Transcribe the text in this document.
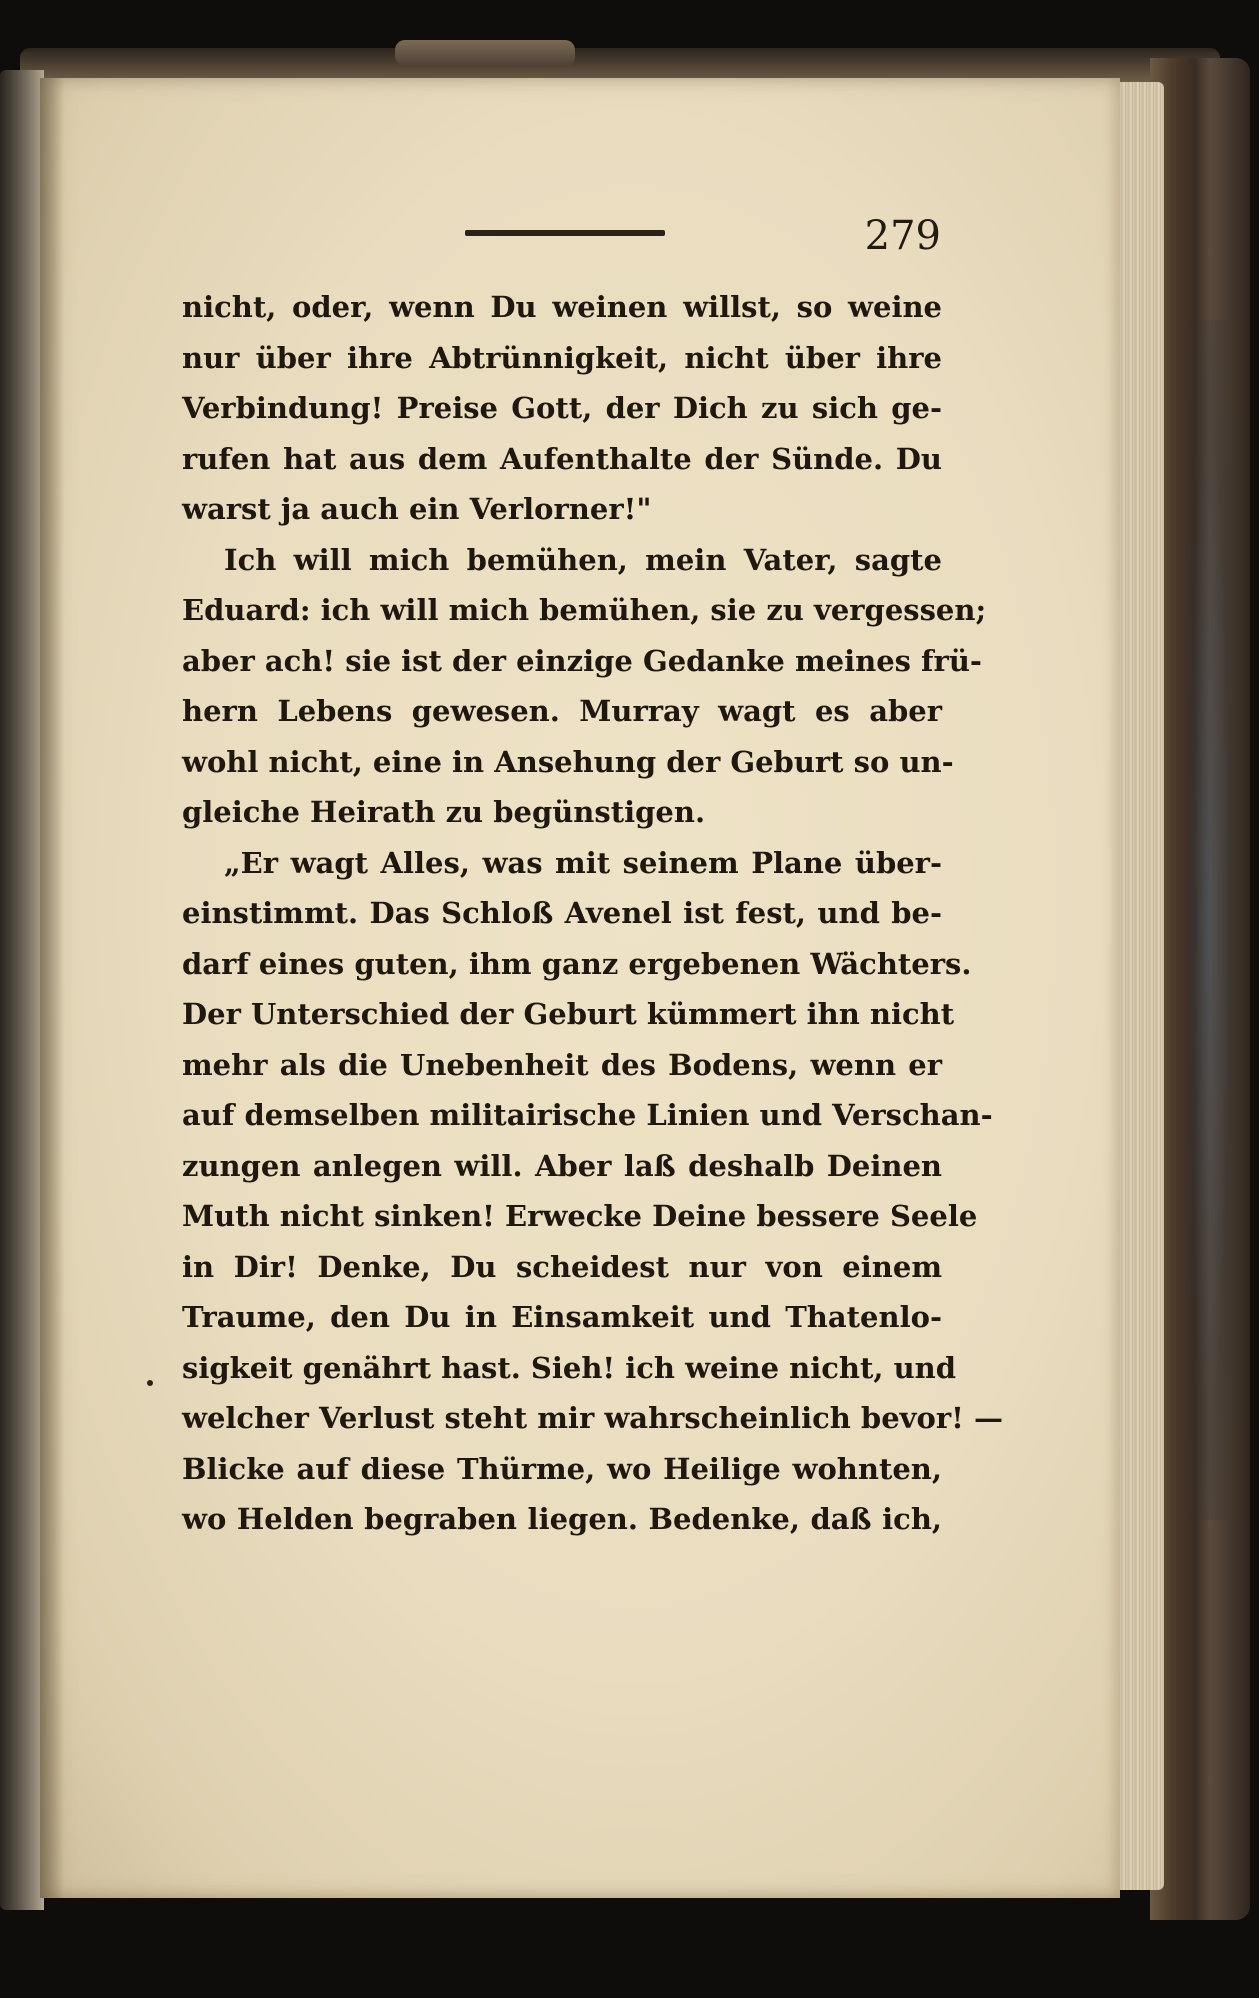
279
nicht, oder, wenn Du weinen willst, so weine
nur über ihre Abtrünnigkeit, nicht über ihre
Verbindung! Preise Gott, der Dich zu sich ge-
rufen hat aus dem Aufenthalte der Sünde. Du
warst ja auch ein Verlorner!"
Ich will mich bemühen, mein Vater, sagte
Eduard: ich will mich bemühen, sie zu vergessen;
aber ach! sie ist der einzige Gedanke meines frü-
hern Lebens gewesen. Murray wagt es aber
wohl nicht, eine in Ansehung der Geburt so un-
gleiche Heirath zu begünstigen.
„Er wagt Alles, was mit seinem Plane über-
einstimmt. Das Schloß Avenel ist fest, und be-
darf eines guten, ihm ganz ergebenen Wächters.
Der Unterschied der Geburt kümmert ihn nicht
mehr als die Unebenheit des Bodens, wenn er
auf demselben militairische Linien und Verschan-
zungen anlegen will. Aber laß deshalb Deinen
Muth nicht sinken! Erwecke Deine bessere Seele
in Dir! Denke, Du scheidest nur von einem
Traume, den Du in Einsamkeit und Thatenlo-
sigkeit genährt hast. Sieh! ich weine nicht, und
welcher Verlust steht mir wahrscheinlich bevor! —
Blicke auf diese Thürme, wo Heilige wohnten,
wo Helden begraben liegen. Bedenke, daß ich,
